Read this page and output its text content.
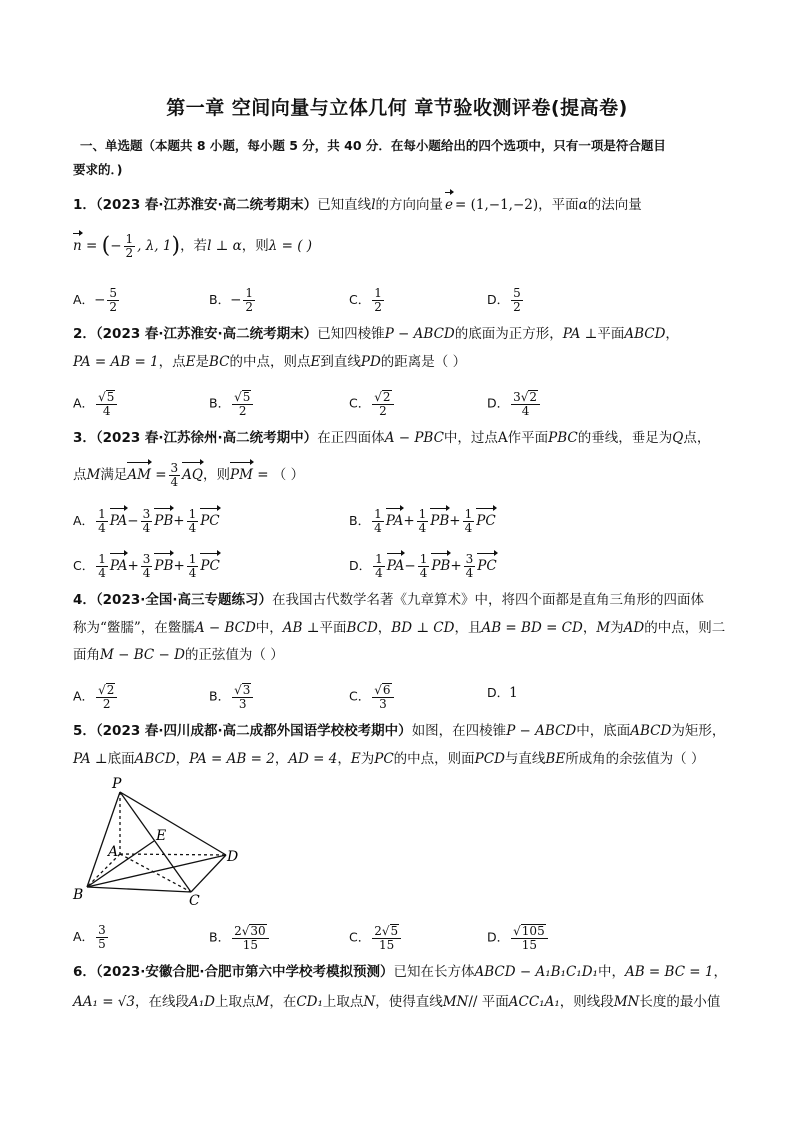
第一章 空间向量与立体几何 章节验收测评卷(提高卷)
一、单选题（本题共 8 小题，每小题 5 分，共 40 分．在每小题给出的四个选项中，只有一项是符合题目
要求的．)
1．（2023 春·江苏淮安·高二统考期末）已知直线l的方向向量 e = (1,−1,−2)，平面α的法向量
n = (− $\frac{1}{2}$ , λ, 1)，若l ⊥ α，则λ = ( )
A．− $\frac{5}{2}$	B．− $\frac{1}{2}$	C． $\frac{1}{2}$	D． $\frac{5}{2}$
2．（2023 春·江苏淮安·高二统考期末）已知四棱锥P − ABCD的底面为正方形，PA ⊥平面ABCD，
PA = AB = 1，点E是BC的中点，则点E到直线PD的距离是（ ）
A． $\frac{√5}{4}$	B． $\frac{√5}{2}$	C． $\frac{√2}{2}$	D． $\frac{3√2}{4}$
3．（2023 春·江苏徐州·高二统考期中）在正四面体A − PBC中，过点A作平面PBC的垂线，垂足为Q点，
点M满足AM = $\frac{3}{4}$ AQ，则PM = （ ）
A． $\frac{1}{4} PA- \frac{3}{4} PB+ \frac{1}{4}$ PC	B． $\frac{1}{4} PA+ \frac{1}{4} PB+ \frac{1}{4}$ PC
C． $\frac{1}{4} PA+ \frac{3}{4} PB+ \frac{1}{4}$ PC	D． $\frac{1}{4} PA- \frac{1}{4} PB+ \frac{3}{4}$ PC
4．（2023·全国·高三专题练习）在我国古代数学名著《九章算术》中，将四个面都是直角三角形的四面体
称为“鳖臑”，在鳖臑A − BCD中，AB ⊥平面BCD，BD ⊥ CD，且AB = BD = CD，M为AD的中点，则二
面角M − BC − D的正弦值为（ ）
A． $\frac{√2}{2}$	B． $\frac{√3}{3}$	C． $\frac{√6}{3}$	D．1
5．（2023 春·四川成都·高二成都外国语学校校考期中）如图，在四棱锥P − ABCD中，底面ABCD为矩形，
PA ⊥底面ABCD，PA = AB = 2，AD = 4，E为PC的中点，则面PCD与直线BE所成角的余弦值为（ ）
P
A
B	C
D
E
A． $\frac{3}{5}$	B． $\frac{2√30}{15}$	C． $\frac{2√5}{15}$	D． $\frac{√105}{15}$
6．（2023·安徽合肥·合肥市第六中学校考模拟预测）已知在长方体ABCD − A₁B₁C₁D₁中，AB = BC = 1，
AA₁ = √3，在线段A₁D上取点M，在CD₁上取点N，使得直线MN// 平面ACC₁A₁，则线段MN长度的最小值
